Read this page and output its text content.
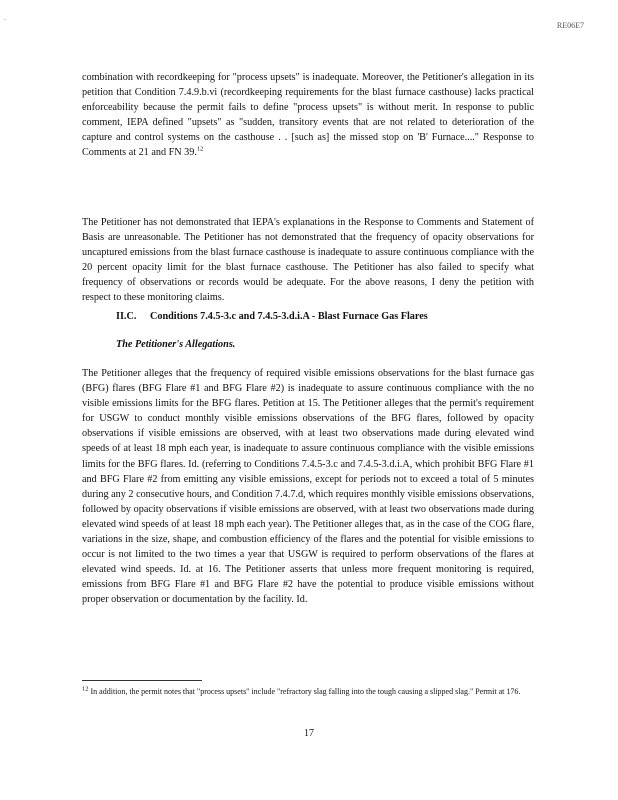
.
RE06E7

combination with recordkeeping for "process upsets" is inadequate. Moreover, the Petitioner's allegation in its petition that Condition 7.4.9.b.vi (recordkeeping requirements for the blast furnace casthouse) lacks practical enforceability because the permit fails to define "process upsets" is without merit. In response to public comment, IEPA defined "upsets" as "sudden, transitory events that are not related to deterioration of the capture and control systems on the casthouse . . [such as] the missed stop on 'B' Furnace...." Response to Comments at 21 and FN 39.12

The Petitioner has not demonstrated that IEPA's explanations in the Response to Comments and Statement of Basis are unreasonable. The Petitioner has not demonstrated that the frequency of opacity observations for uncaptured emissions from the blast furnace casthouse is inadequate to assure continuous compliance with the 20 percent opacity limit for the blast furnace casthouse. The Petitioner has also failed to specify what frequency of observations or records would be adequate. For the above reasons, I deny the petition with respect to these monitoring claims.

II.C. Conditions 7.4.5-3.c and 7.4.5-3.d.i.A - Blast Furnace Gas Flares

The Petitioner's Allegations.

The Petitioner alleges that the frequency of required visible emissions observations for the blast furnace gas (BFG) flares (BFG Flare #1 and BFG Flare #2) is inadequate to assure continuous compliance with the no visible emissions limits for the BFG flares. Petition at 15. The Petitioner alleges that the permit's requirement for USGW to conduct monthly visible emissions observations of the BFG flares, followed by opacity observations if visible emissions are observed, with at least two observations made during elevated wind speeds of at least 18 mph each year, is inadequate to assure continuous compliance with the visible emissions limits for the BFG flares. Id. (referring to Conditions 7.4.5-3.c and 7.4.5-3.d.i.A, which prohibit BFG Flare #1 and BFG Flare #2 from emitting any visible emissions, except for periods not to exceed a total of 5 minutes during any 2 consecutive hours, and Condition 7.4.7.d, which requires monthly visible emissions observations, followed by opacity observations if visible emissions are observed, with at least two observations made during elevated wind speeds of at least 18 mph each year). The Petitioner alleges that, as in the case of the COG flare, variations in the size, shape, and combustion efficiency of the flares and the potential for visible emissions to occur is not limited to the two times a year that USGW is required to perform observations of the flares at elevated wind speeds. Id. at 16. The Petitioner asserts that unless more frequent monitoring is required, emissions from BFG Flare #1 and BFG Flare #2 have the potential to produce visible emissions without proper observation or documentation by the facility. Id.

$^{12}$ In addition, the permit notes that "process upsets" include "refractory slag falling into the tough causing a slipped slag." Permit at 176.

17
